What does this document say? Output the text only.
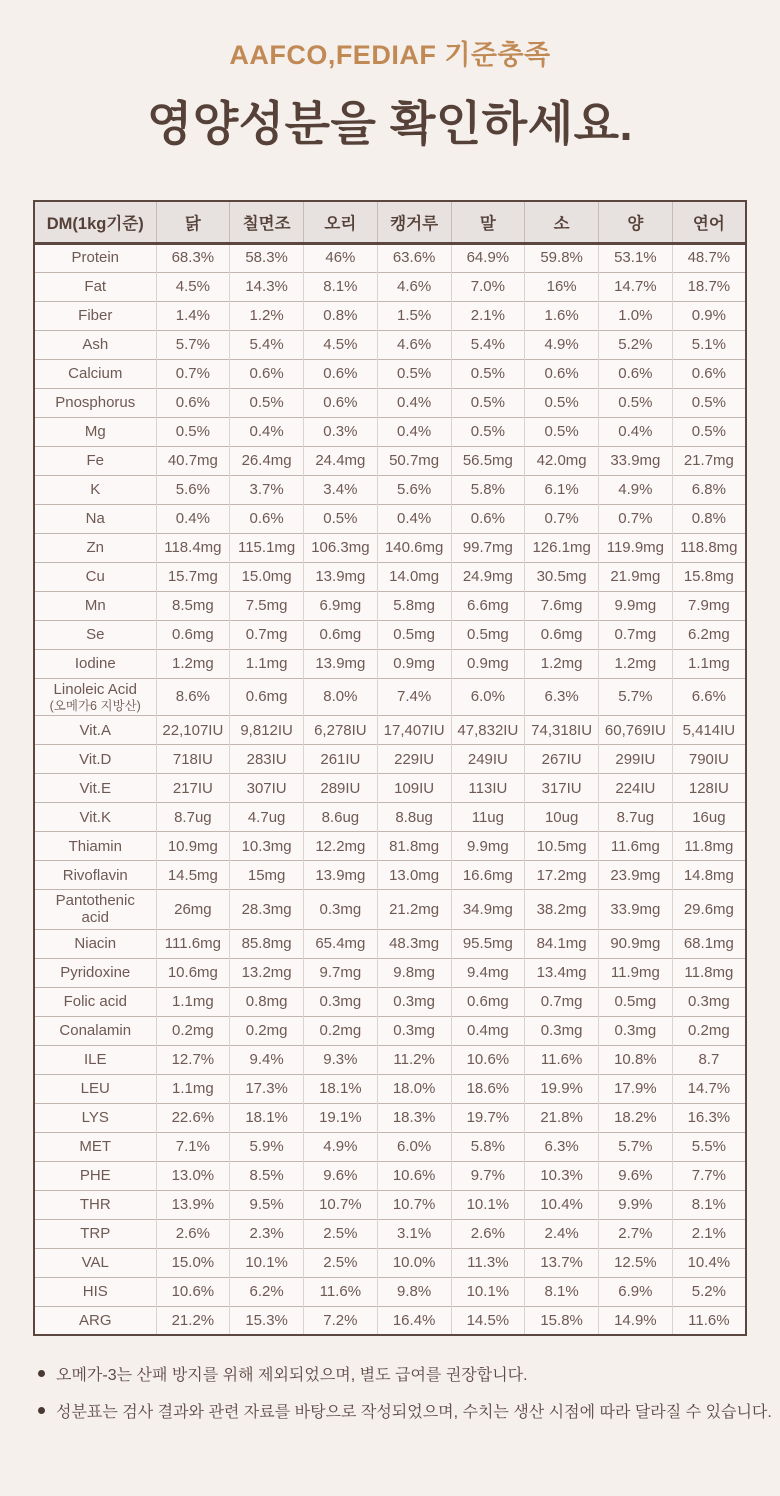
AAFCO,FEDIAF 기준충족
영양성분을 확인하세요.
DM(1kg기준)	닭	칠면조	오리	캥거루	말	소	양	연어
Protein	68.3%	58.3%	46%	63.6%	64.9%	59.8%	53.1%	48.7%
Fat	4.5%	14.3%	8.1%	4.6%	7.0%	16%	14.7%	18.7%
Fiber	1.4%	1.2%	0.8%	1.5%	2.1%	1.6%	1.0%	0.9%
Ash	5.7%	5.4%	4.5%	4.6%	5.4%	4.9%	5.2%	5.1%
Calcium	0.7%	0.6%	0.6%	0.5%	0.5%	0.6%	0.6%	0.6%
Pnosphorus	0.6%	0.5%	0.6%	0.4%	0.5%	0.5%	0.5%	0.5%
Mg	0.5%	0.4%	0.3%	0.4%	0.5%	0.5%	0.4%	0.5%
Fe	40.7mg	26.4mg	24.4mg	50.7mg	56.5mg	42.0mg	33.9mg	21.7mg
K	5.6%	3.7%	3.4%	5.6%	5.8%	6.1%	4.9%	6.8%
Na	0.4%	0.6%	0.5%	0.4%	0.6%	0.7%	0.7%	0.8%
Zn	118.4mg	115.1mg	106.3mg	140.6mg	99.7mg	126.1mg	119.9mg	118.8mg
Cu	15.7mg	15.0mg	13.9mg	14.0mg	24.9mg	30.5mg	21.9mg	15.8mg
Mn	8.5mg	7.5mg	6.9mg	5.8mg	6.6mg	7.6mg	9.9mg	7.9mg
Se	0.6mg	0.7mg	0.6mg	0.5mg	0.5mg	0.6mg	0.7mg	6.2mg
Iodine	1.2mg	1.1mg	13.9mg	0.9mg	0.9mg	1.2mg	1.2mg	1.1mg
Linoleic Acid
(오메가6 지방산)	8.6%	0.6mg	8.0%	7.4%	6.0%	6.3%	5.7%	6.6%
Vit.A	22,107IU	9,812IU	6,278IU	17,407IU	47,832IU	74,318IU	60,769IU	5,414IU
Vit.D	718IU	283IU	261IU	229IU	249IU	267IU	299IU	790IU
Vit.E	217IU	307IU	289IU	109IU	113IU	317IU	224IU	128IU
Vit.K	8.7ug	4.7ug	8.6ug	8.8ug	11ug	10ug	8.7ug	16ug
Thiamin	10.9mg	10.3mg	12.2mg	81.8mg	9.9mg	10.5mg	11.6mg	11.8mg
Rivoflavin	14.5mg	15mg	13.9mg	13.0mg	16.6mg	17.2mg	23.9mg	14.8mg
Pantothenic acid	26mg	28.3mg	0.3mg	21.2mg	34.9mg	38.2mg	33.9mg	29.6mg
Niacin	111.6mg	85.8mg	65.4mg	48.3mg	95.5mg	84.1mg	90.9mg	68.1mg
Pyridoxine	10.6mg	13.2mg	9.7mg	9.8mg	9.4mg	13.4mg	11.9mg	11.8mg
Folic acid	1.1mg	0.8mg	0.3mg	0.3mg	0.6mg	0.7mg	0.5mg	0.3mg
Conalamin	0.2mg	0.2mg	0.2mg	0.3mg	0.4mg	0.3mg	0.3mg	0.2mg
ILE	12.7%	9.4%	9.3%	11.2%	10.6%	11.6%	10.8%	8.7
LEU	1.1mg	17.3%	18.1%	18.0%	18.6%	19.9%	17.9%	14.7%
LYS	22.6%	18.1%	19.1%	18.3%	19.7%	21.8%	18.2%	16.3%
MET	7.1%	5.9%	4.9%	6.0%	5.8%	6.3%	5.7%	5.5%
PHE	13.0%	8.5%	9.6%	10.6%	9.7%	10.3%	9.6%	7.7%
THR	13.9%	9.5%	10.7%	10.7%	10.1%	10.4%	9.9%	8.1%
TRP	2.6%	2.3%	2.5%	3.1%	2.6%	2.4%	2.7%	2.1%
VAL	15.0%	10.1%	2.5%	10.0%	11.3%	13.7%	12.5%	10.4%
HIS	10.6%	6.2%	11.6%	9.8%	10.1%	8.1%	6.9%	5.2%
ARG	21.2%	15.3%	7.2%	16.4%	14.5%	15.8%	14.9%	11.6%
오메가-3는 산패 방지를 위해 제외되었으며, 별도 급여를 권장합니다.
성분표는 검사 결과와 관련 자료를 바탕으로 작성되었으며, 수치는 생산 시점에 따라 달라질 수 있습니다.
